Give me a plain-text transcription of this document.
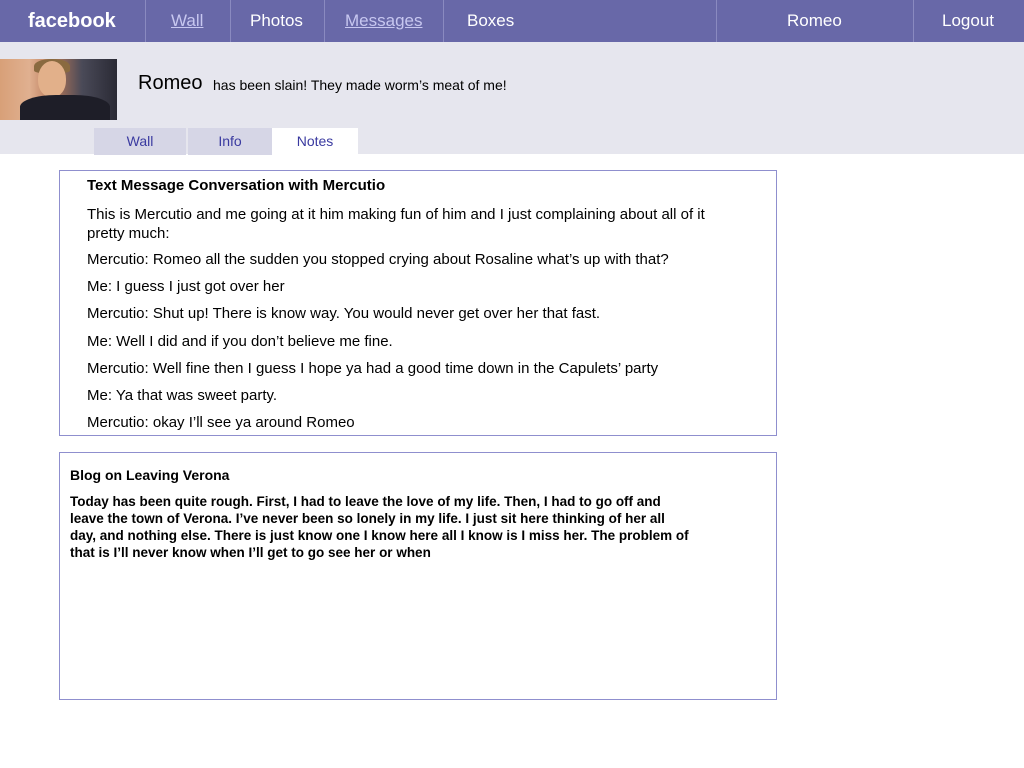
facebook	Wall	Photos Messages	Boxes	Romeo	Logout
Romeo has been slain! They made worm’s meat of me!
Wall	Info	Notes
Text Message Conversation with Mercutio
This is Mercutio and me going at it him making fun of him and I just complaining about all of it pretty much:
Mercutio: Romeo all the sudden you stopped crying about Rosaline what’s up with that?
Me: I guess I just got over her
Mercutio: Shut up! There is know way. You would never get over her that fast.
Me: Well I did and if you don’t believe me fine.
Mercutio: Well fine then I guess I hope ya had a good time down in the Capulets’ party
Me: Ya that was sweet party.
Mercutio: okay I’ll see ya around Romeo
Blog on Leaving Verona
Today has been quite rough. First, I had to leave the love of my life. Then, I had to go off and leave the town of Verona. I’ve never been so lonely in my life. I just sit here thinking of her all day, and nothing else. There is just know one I know here all I know is I miss her. The problem of that is I’ll never know when I’ll get to go see her or when
